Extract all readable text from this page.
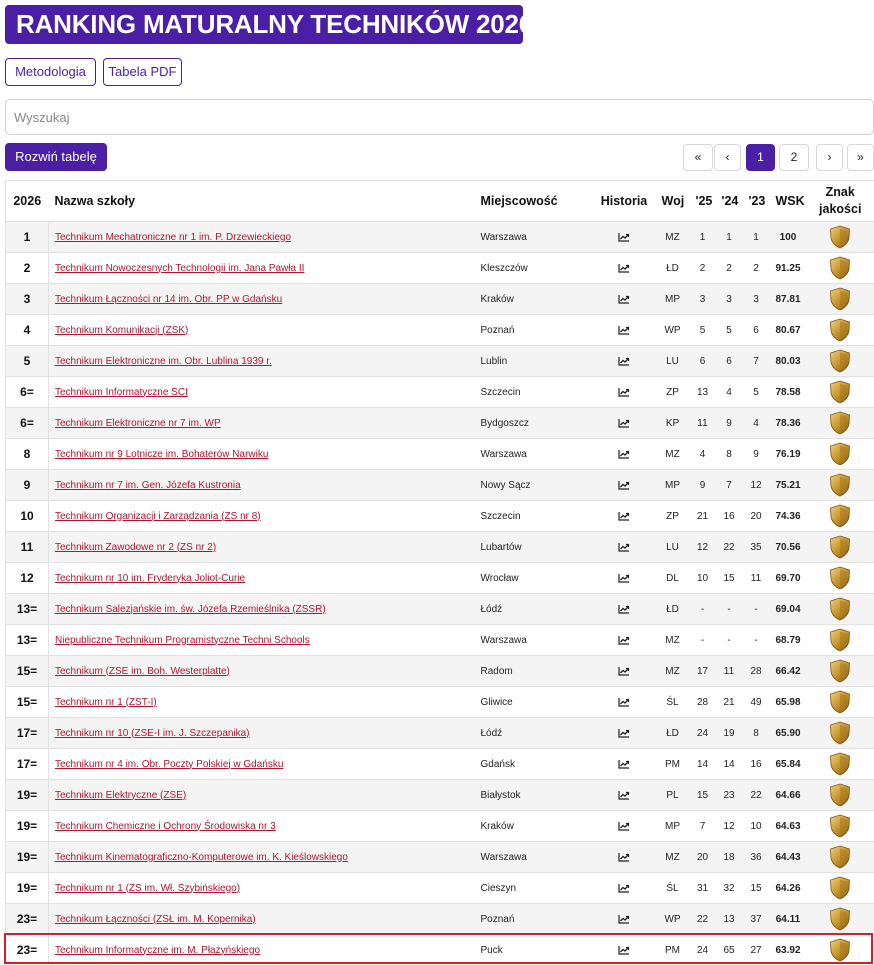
RANKING MATURALNY TECHNIKÓW 2026
Metodologia	Tabela PDF
Wyszukaj
Rozwiń tabelę	«	‹	1	2	›	»
2026	Nazwa szkoły	Miejscowość	Historia	Woj	'25	'24	'23	WSK	Znak jakości
1	Technikum Mechatroniczne nr 1 im. P. Drzewieckiego	Warszawa		MZ	1	1	1	100	
2	Technikum Nowoczesnych Technologii im. Jana Pawła II	Kleszczów		ŁD	2	2	2	91.25	
3	Technikum Łączności nr 14 im. Obr. PP w Gdańsku	Kraków		MP	3	3	3	87.81	
4	Technikum Komunikacji (ZSK)	Poznań		WP	5	5	6	80.67	
5	Technikum Elektroniczne im. Obr. Lublina 1939 r.	Lublin		LU	6	6	7	80.03	
6=	Technikum Informatyczne SCI	Szczecin		ZP	13	4	5	78.58	
6=	Technikum Elektroniczne nr 7 im. WP	Bydgoszcz		KP	11	9	4	78.36	
8	Technikum nr 9 Lotnicze im. Bohaterów Narwiku	Warszawa		MZ	4	8	9	76.19	
9	Technikum nr 7 im. Gen. Józefa Kustronia	Nowy Sącz		MP	9	7	12	75.21	
10	Technikum Organizacji i Zarządzania (ZS nr 8)	Szczecin		ZP	21	16	20	74.36	
11	Technikum Zawodowe nr 2 (ZS nr 2)	Lubartów		LU	12	22	35	70.56	
12	Technikum nr 10 im. Fryderyka Joliot-Curie	Wrocław		DL	10	15	11	69.70	
13=	Technikum Salezjańskie im. św. Józefa Rzemieślnika (ZSSR)	Łódź		ŁD	-	-	-	69.04	
13=	Niepubliczne Technikum Programistyczne Techni Schools	Warszawa		MZ	-	-	-	68.79	
15=	Technikum (ZSE im. Boh. Westerplatte)	Radom		MZ	17	11	28	66.42	
15=	Technikum nr 1 (ZST-I)	Gliwice		ŚL	28	21	49	65.98	
17=	Technikum nr 10 (ZSE-I im. J. Szczepanika)	Łódź		ŁD	24	19	8	65.90	
17=	Technikum nr 4 im. Obr. Poczty Polskiej w Gdańsku	Gdańsk		PM	14	14	16	65.84	
19=	Technikum Elektryczne (ZSE)	Białystok		PL	15	23	22	64.66	
19=	Technikum Chemiczne i Ochrony Środowiska nr 3	Kraków		MP	7	12	10	64.63	
19=	Technikum Kinematograficzno-Komputerowe im. K. Kieślowskiego	Warszawa		MZ	20	18	36	64.43	
19=	Technikum nr 1 (ZS im. Wł. Szybińskiego)	Cieszyn		ŚL	31	32	15	64.26	
23=	Technikum Łączności (ZSŁ im. M. Kopernika)	Poznań		WP	22	13	37	64.11	
23=	Technikum Informatyczne im. M. Płażyńskiego	Puck		PM	24	65	27	63.92	
